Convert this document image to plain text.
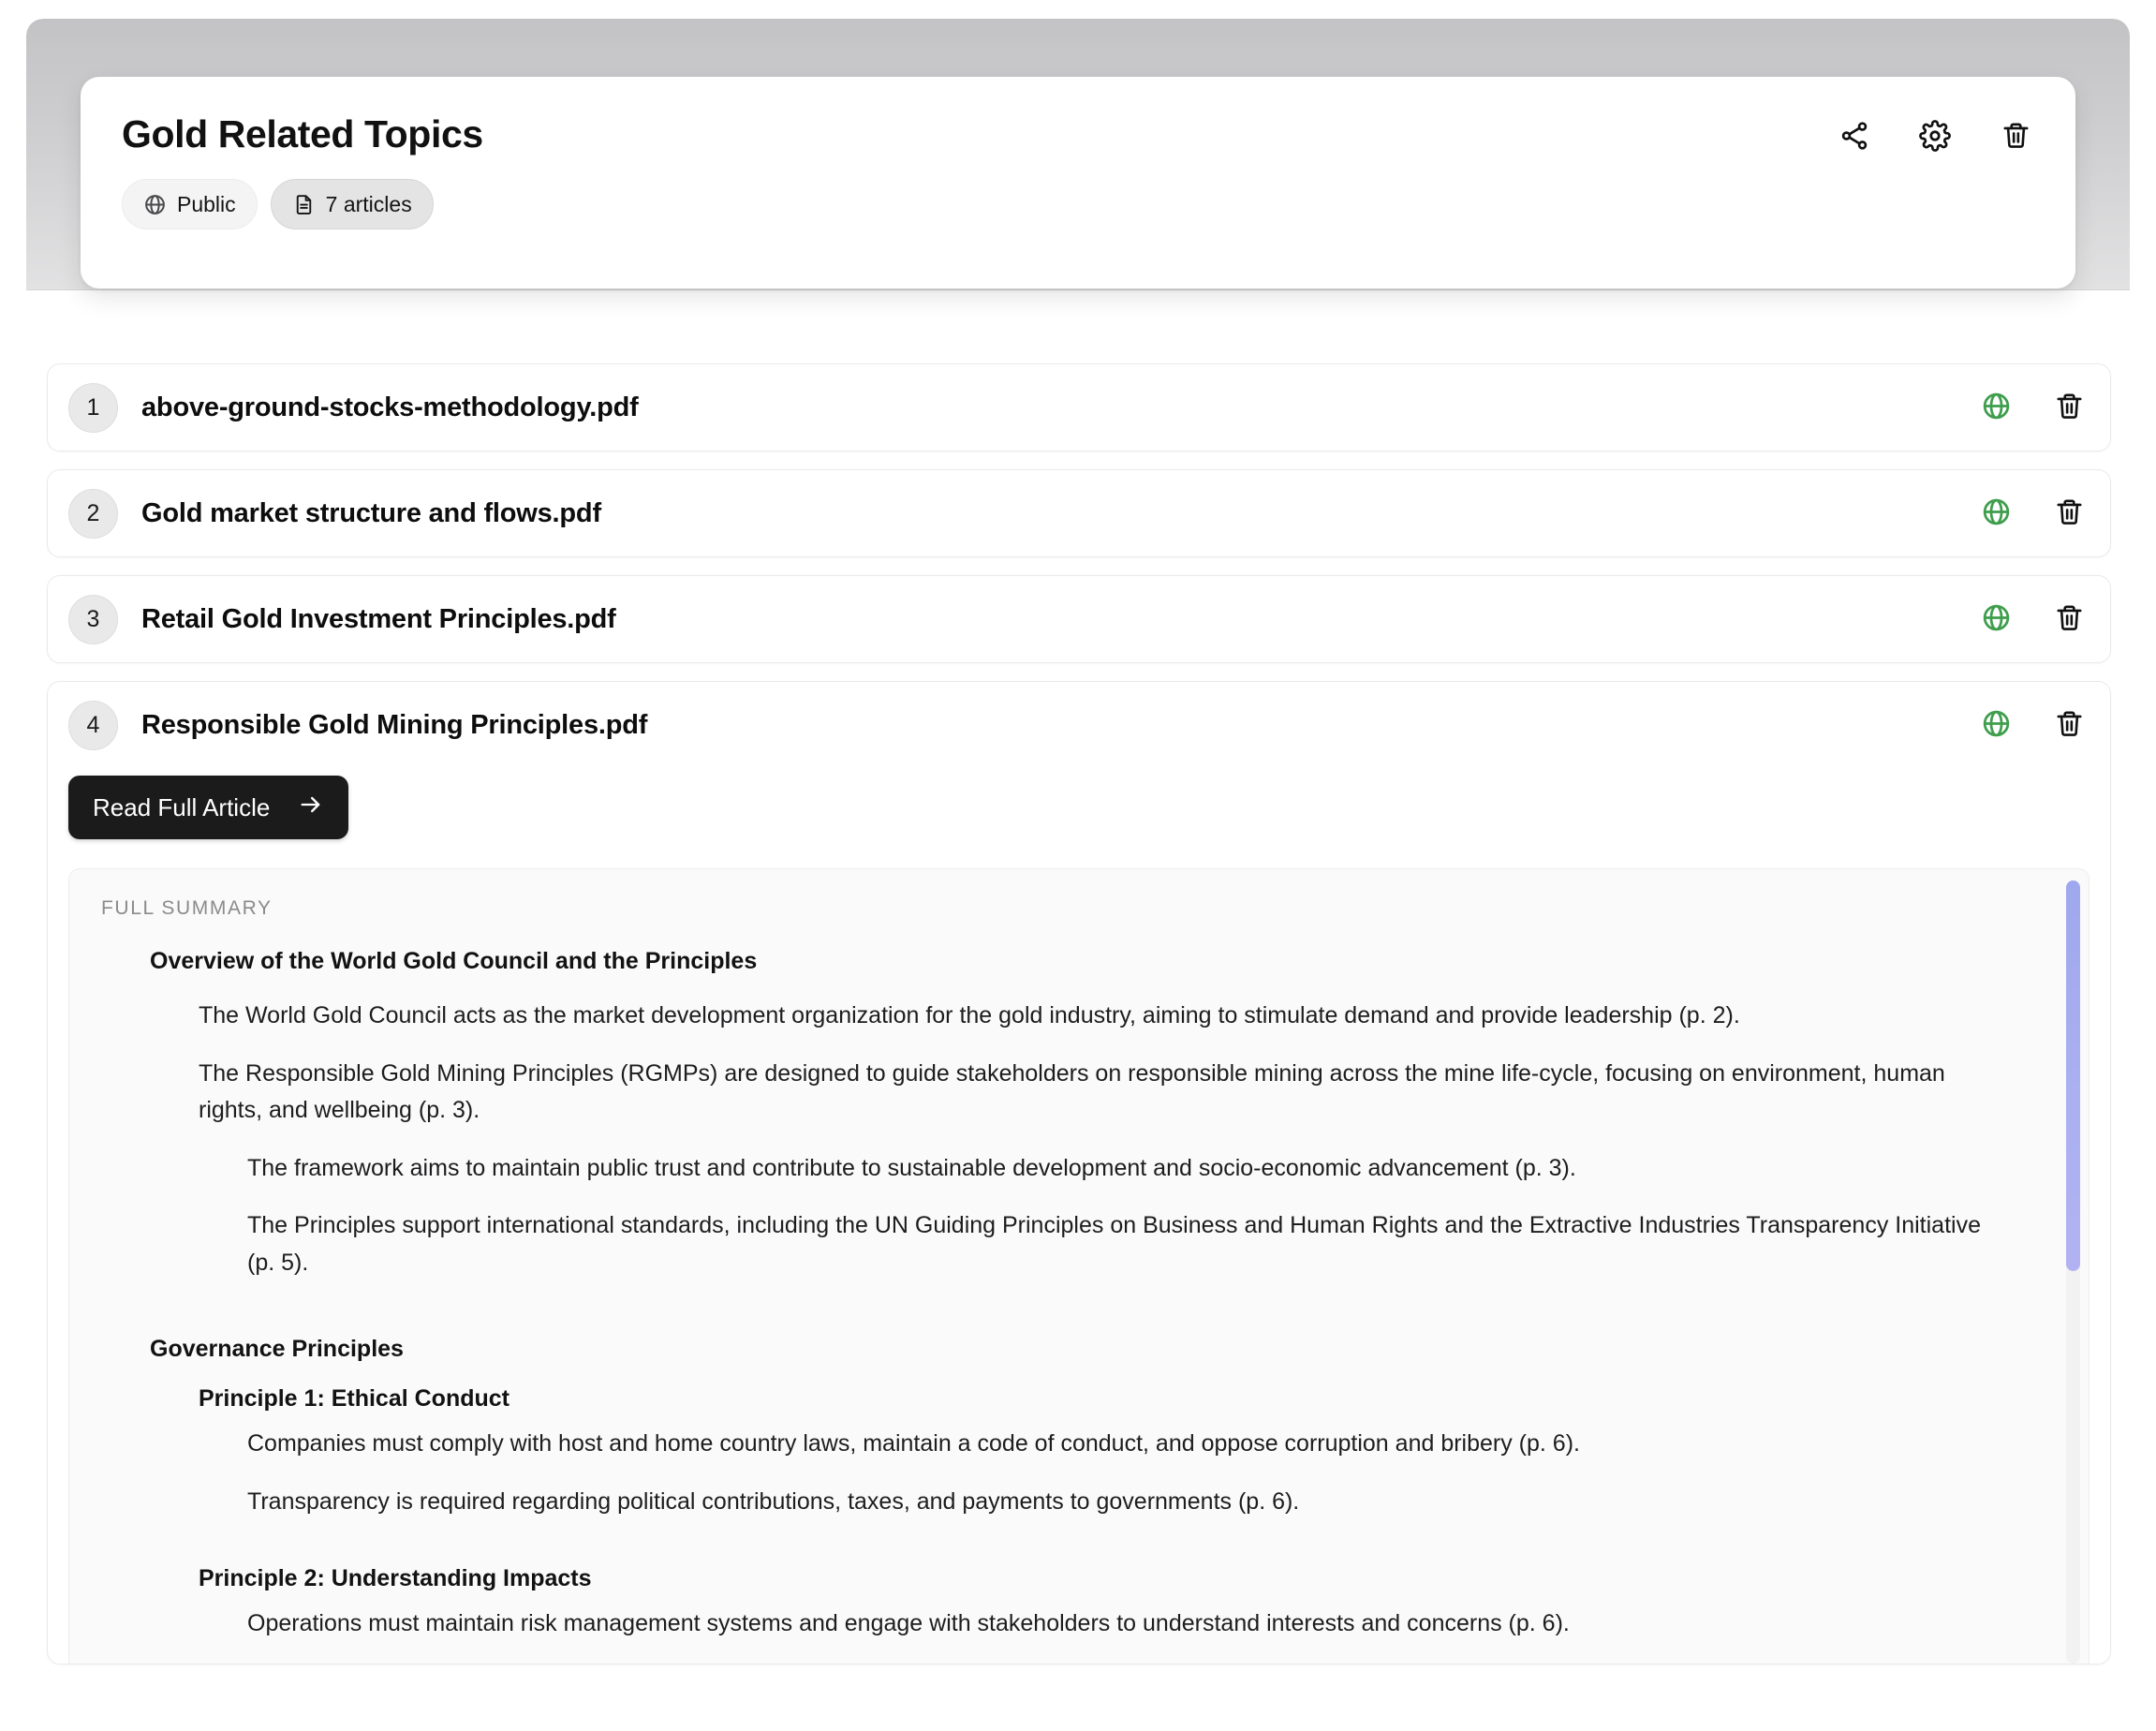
Gold Related Topics
Public	7 articles
1	above-ground-stocks-methodology.pdf
2	Gold market structure and flows.pdf
3	Retail Gold Investment Principles.pdf
4	Responsible Gold Mining Principles.pdf
Read Full Article
FULL SUMMARY
Overview of the World Gold Council and the Principles

The World Gold Council acts as the market development organization for the gold industry, aiming to stimulate demand and provide leadership (p. 2).

The Responsible Gold Mining Principles (RGMPs) are designed to guide stakeholders on responsible mining across the mine life-cycle, focusing on environment, human rights, and wellbeing (p. 3).

The framework aims to maintain public trust and contribute to sustainable development and socio-economic advancement (p. 3).

The Principles support international standards, including the UN Guiding Principles on Business and Human Rights and the Extractive Industries Transparency Initiative (p. 5).

Governance Principles
Principle 1: Ethical Conduct

Companies must comply with host and home country laws, maintain a code of conduct, and oppose corruption and bribery (p. 6).

Transparency is required regarding political contributions, taxes, and payments to governments (p. 6).

Principle 2: Understanding Impacts

Operations must maintain risk management systems and engage with stakeholders to understand interests and concerns (p. 6).
